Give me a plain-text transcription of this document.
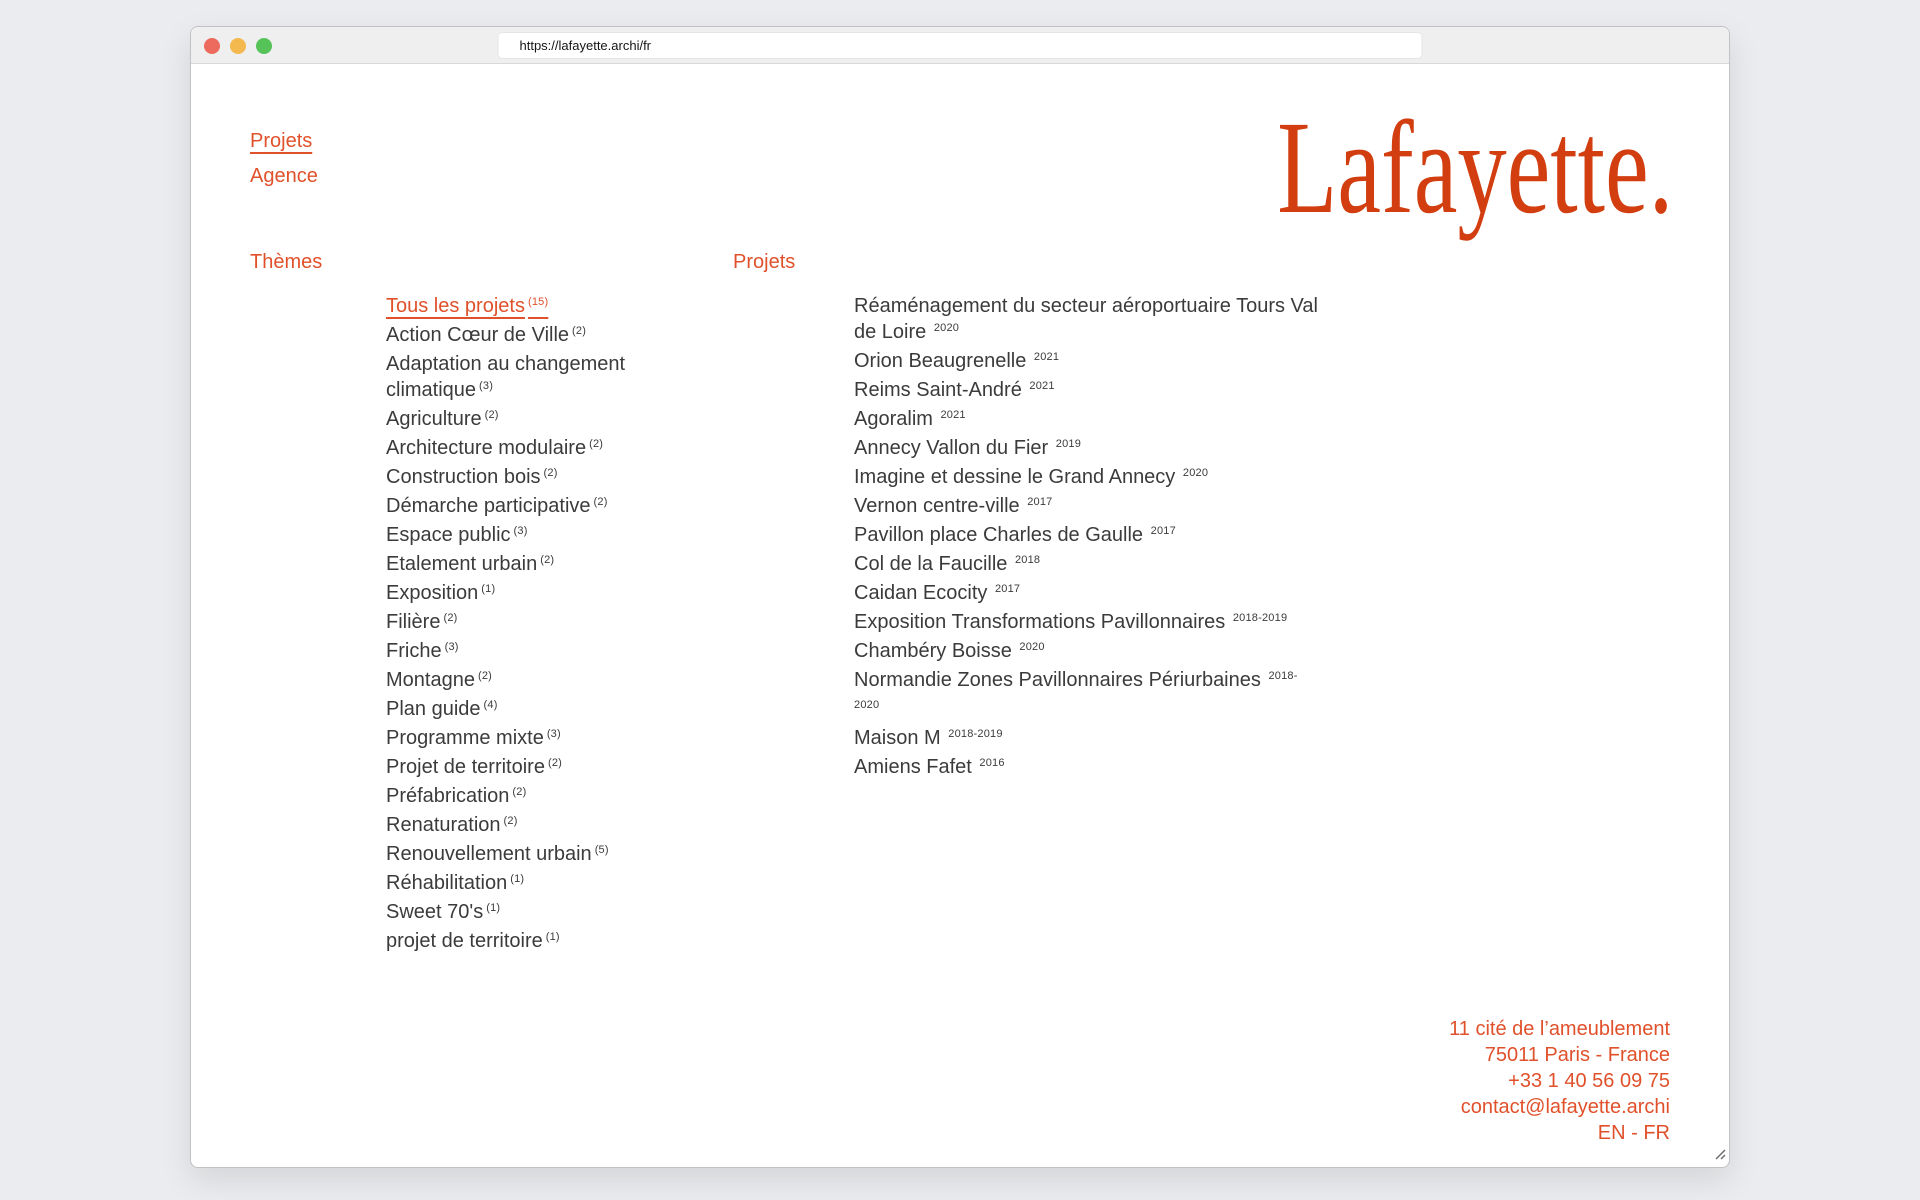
https://lafayette.archi/fr
Projets
Agence	Lafayette.
Thèmes	Projets
Tous les projets $^{(15)}$
Action Cœur de Ville $^{(2)}$
Adaptation au changement climatique $^{(3)}$
Agriculture $^{(2)}$
Architecture modulaire $^{(2)}$
Construction bois $^{(2)}$
Démarche participative $^{(2)}$
Espace public $^{(3)}$
Etalement urbain $^{(2)}$
Exposition $^{(1)}$
Filière $^{(2)}$
Friche $^{(3)}$
Montagne $^{(2)}$
Plan guide $^{(4)}$
Programme mixte $^{(3)}$
Projet de territoire $^{(2)}$
Préfabrication $^{(2)}$
Renaturation $^{(2)}$
Renouvellement urbain $^{(5)}$
Réhabilitation $^{(1)}$
Sweet 70's $^{(1)}$
projet de territoire $^{(1)}$
Réaménagement du secteur aéroportuaire Tours Val de Loire $^{2020}$
Orion Beaugrenelle $^{2021}$
Reims Saint-André $^{2021}$
Agoralim $^{2021}$
Annecy Vallon du Fier $^{2019}$
Imagine et dessine le Grand Annecy $^{2020}$
Vernon centre-ville $^{2017}$
Pavillon place Charles de Gaulle $^{2017}$
Col de la Faucille $^{2018}$
Caidan Ecocity $^{2017}$
Exposition Transformations Pavillonnaires $^{2018-2019}$
Chambéry Boisse $^{2020}$
Normandie Zones Pavillonnaires Périurbaines $^{2018-2020}$
Maison M $^{2018-2019}$
Amiens Fafet $^{2016}$
11 cité de l’ameublement
75011 Paris - France
+33 1 40 56 09 75
contact@lafayette.archi
EN - FR
